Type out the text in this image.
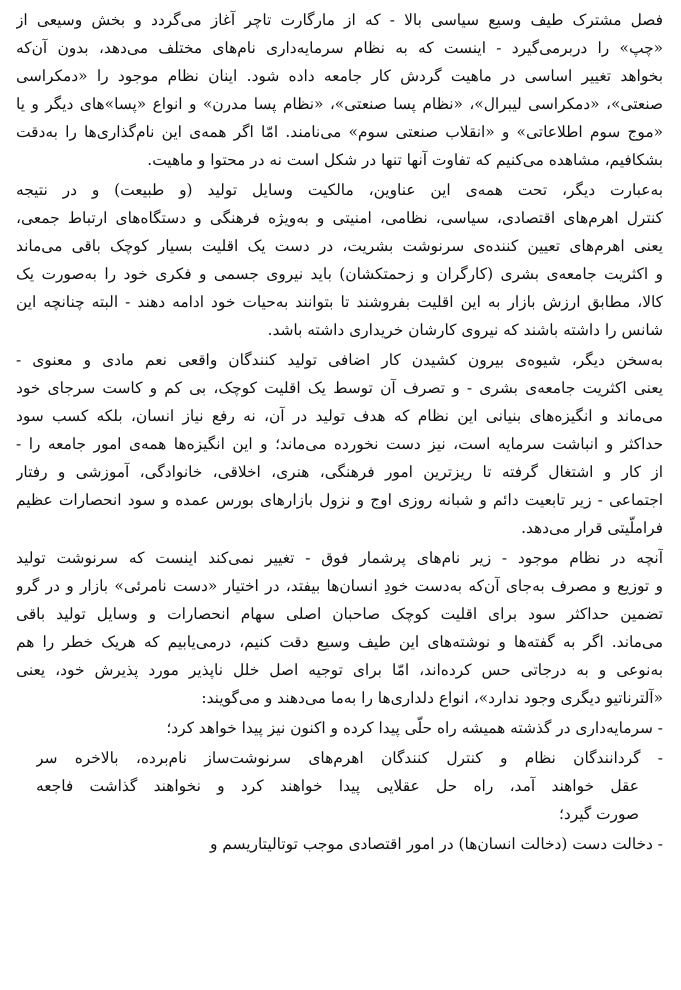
فصل مشترک طیف وسیع سیاسی بالا - که از مارگارت تاچر آغاز می‌گردد و بخش وسیعی از
«چپ» را دربرمی‌گیرد - اینست که به نظام سرمایه‌داری نام‌های مختلف می‌دهد، بدون آن‌که
بخواهد تغییر اساسی در ماهیت گردش کار جامعه داده شود. اینان نظام موجود را «دمکراسی
صنعتی»، «دمکراسی لیبرال»، «نظام پسا صنعتی»، «نظام پسا مدرن» و انواع «پسا»های دیگر و یا
«موج سوم اطلاعاتی» و «انقلاب صنعتی سوم» می‌نامند. امّا اگر همه‌ی این نام‌گذاری‌ها را به‌دقت
بشکافیم، مشاهده می‌کنیم که تفاوت آنها تنها در شکل است نه در محتوا و ماهیت.
به‌عبارت دیگر، تحت همه‌ی این عناوین، مالکیت وسایل تولید (و طبیعت) و در نتیجه
کنترل اهرم‌های اقتصادی، سیاسی، نظامی، امنیتی و به‌ویژه فرهنگی و دستگاه‌های ارتباط جمعی،
یعنی اهرم‌های تعیین کننده‌ی سرنوشت بشریت، در دست یک اقلیت بسیار کوچک باقی می‌ماند
و اکثریت جامعه‌ی بشری (کارگران و زحمتکشان) باید نیروی جسمی و فکری خود را به‌صورت یک
کالا، مطابق ارزش بازار به این اقلیت بفروشند تا بتوانند به‌حیات خود ادامه دهند - البته چنانچه این
شانس را داشته باشند که نیروی کارشان خریداری داشته باشد.
به‌سخن دیگر، شیوه‌ی بیرون کشیدن کار اضافی تولید کنندگان واقعی نعم مادی و معنوی -
یعنی اکثریت جامعه‌ی بشری - و تصرف آن توسط یک اقلیت کوچک، بی کم و کاست سرجای خود
می‌ماند و انگیزه‌های بنیانی این نظام که هدف تولید در آن، نه رفع نیاز انسان، بلکه کسب سود
حداکثر و انباشت سرمایه است، نیز دست نخورده می‌ماند؛ و این انگیزه‌ها همه‌ی امور جامعه را -
از کار و اشتغال گرفته تا ریزترین امور فرهنگی، هنری، اخلاقی، خانوادگی، آموزشی و رفتار
اجتماعی - زیر تابعیت دائم و شبانه روزی اوج و نزول بازارهای بورس عمده و سود انحصارات عظیم
فراملّیتی قرار می‌دهد.
آنچه در نظام موجود - زیر نام‌های پرشمار فوق - تغییر نمی‌کند اینست که سرنوشت تولید
و توزیع و مصرف به‌جای آن‌که به‌دست خودِ انسان‌ها بیفتد، در اختیار «دست نامرئی» بازار و در گرو
تضمین حداکثر سود برای اقلیت کوچک صاحبان اصلی سهام انحصارات و وسایل تولید باقی
می‌ماند. اگر به گفته‌ها و نوشته‌های این طیف وسیع دقت کنیم، درمی‌یابیم که هریک خطر را هم
به‌نوعی و به درجاتی حس کرده‌اند، امّا برای توجیه اصل خلل ناپذیر مورد پذیرش خود، یعنی
«آلترناتیو دیگری وجود ندارد»، انواع دلداری‌ها را به‌ما می‌دهند و می‌گویند:
- سرمایه‌داری در گذشته همیشه راه حلّی پیدا کرده و اکنون نیز پیدا خواهد کرد؛
- گردانندگان نظام و کنترل کنندگان اهرم‌های سرنوشت‌ساز نام‌برده، بالاخره سر
عقل خواهند آمد، راه حل عقلایی پیدا خواهند کرد و نخواهند گذاشت فاجعه
صورت گیرد؛
- دخالت دست (دخالت انسان‌ها) در امور اقتصادی موجب توتالیتاریسم و
